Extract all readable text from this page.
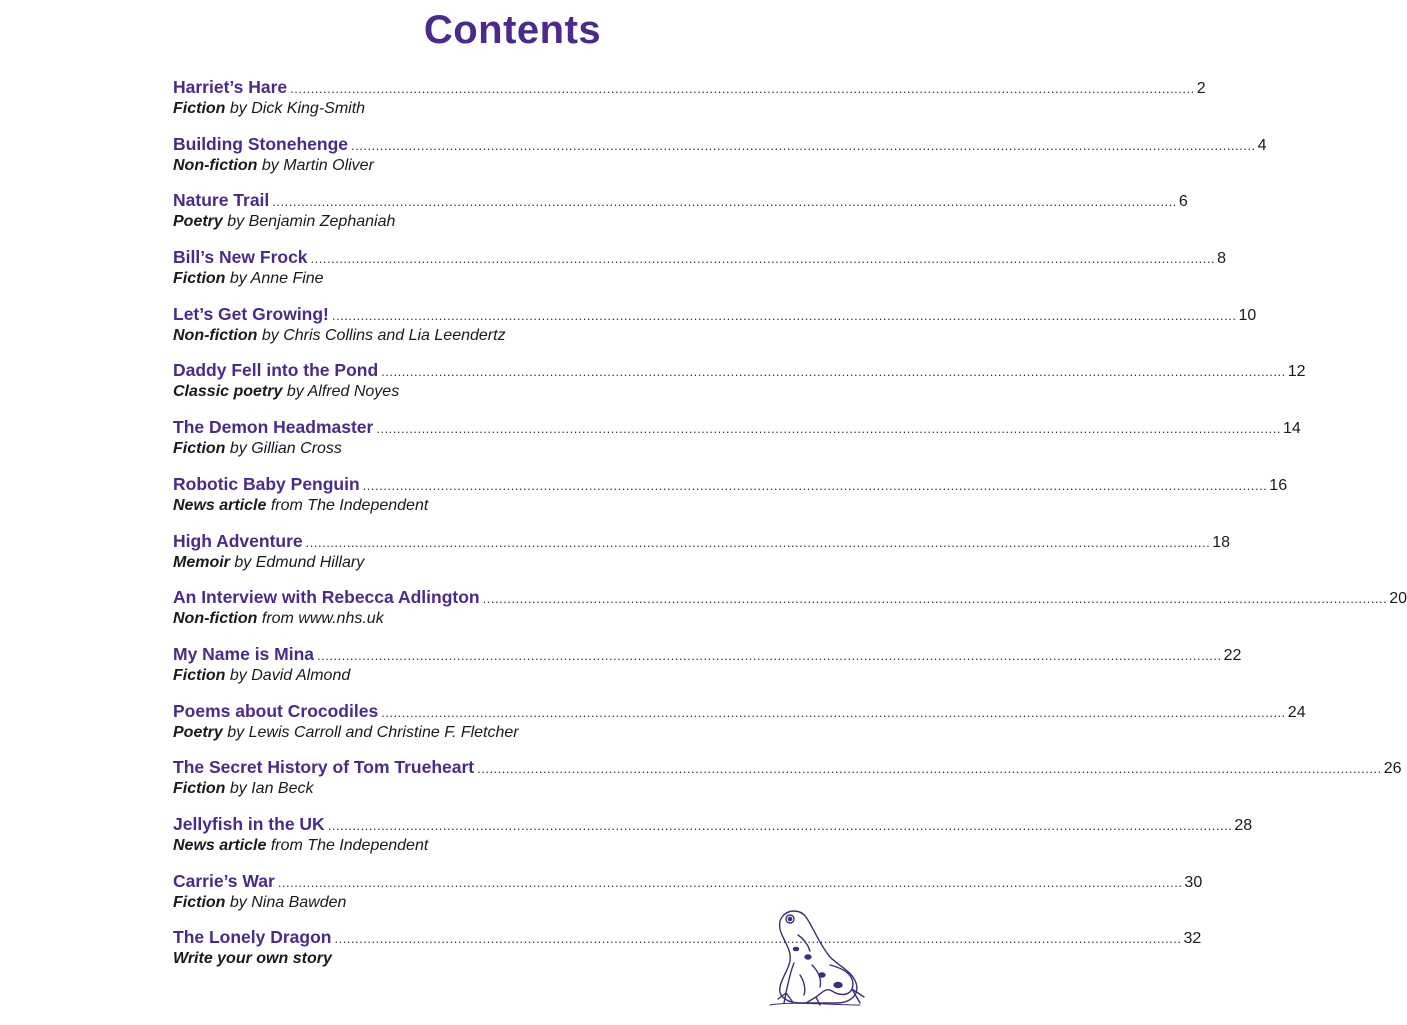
Contents
Harriet’s Hare ............................................................................................................................................................................................................................ 2
Fiction by Dick King-Smith
Building Stonehenge ............................................................................................................................................................................................................................ 4
Non-fiction by Martin Oliver
Nature Trail ............................................................................................................................................................................................................................ 6
Poetry by Benjamin Zephaniah
Bill’s New Frock ............................................................................................................................................................................................................................ 8
Fiction by Anne Fine
Let’s Get Growing! ............................................................................................................................................................................................................................ 10
Non-fiction by Chris Collins and Lia Leendertz
Daddy Fell into the Pond ............................................................................................................................................................................................................................ 12
Classic poetry by Alfred Noyes
The Demon Headmaster ............................................................................................................................................................................................................................ 14
Fiction by Gillian Cross
Robotic Baby Penguin ............................................................................................................................................................................................................................ 16
News article from The Independent
High Adventure ............................................................................................................................................................................................................................ 18
Memoir by Edmund Hillary
An Interview with Rebecca Adlington ............................................................................................................................................................................................................................ 20
Non-fiction from www.nhs.uk
My Name is Mina ............................................................................................................................................................................................................................ 22
Fiction by David Almond
Poems about Crocodiles ............................................................................................................................................................................................................................ 24
Poetry by Lewis Carroll and Christine F. Fletcher
The Secret History of Tom Trueheart ............................................................................................................................................................................................................................ 26
Fiction by Ian Beck
Jellyfish in the UK ............................................................................................................................................................................................................................ 28
News article from The Independent
Carrie’s War ............................................................................................................................................................................................................................ 30
Fiction by Nina Bawden
The Lonely Dragon .............................................................................................................................................................................................................. 32
Write your own story
